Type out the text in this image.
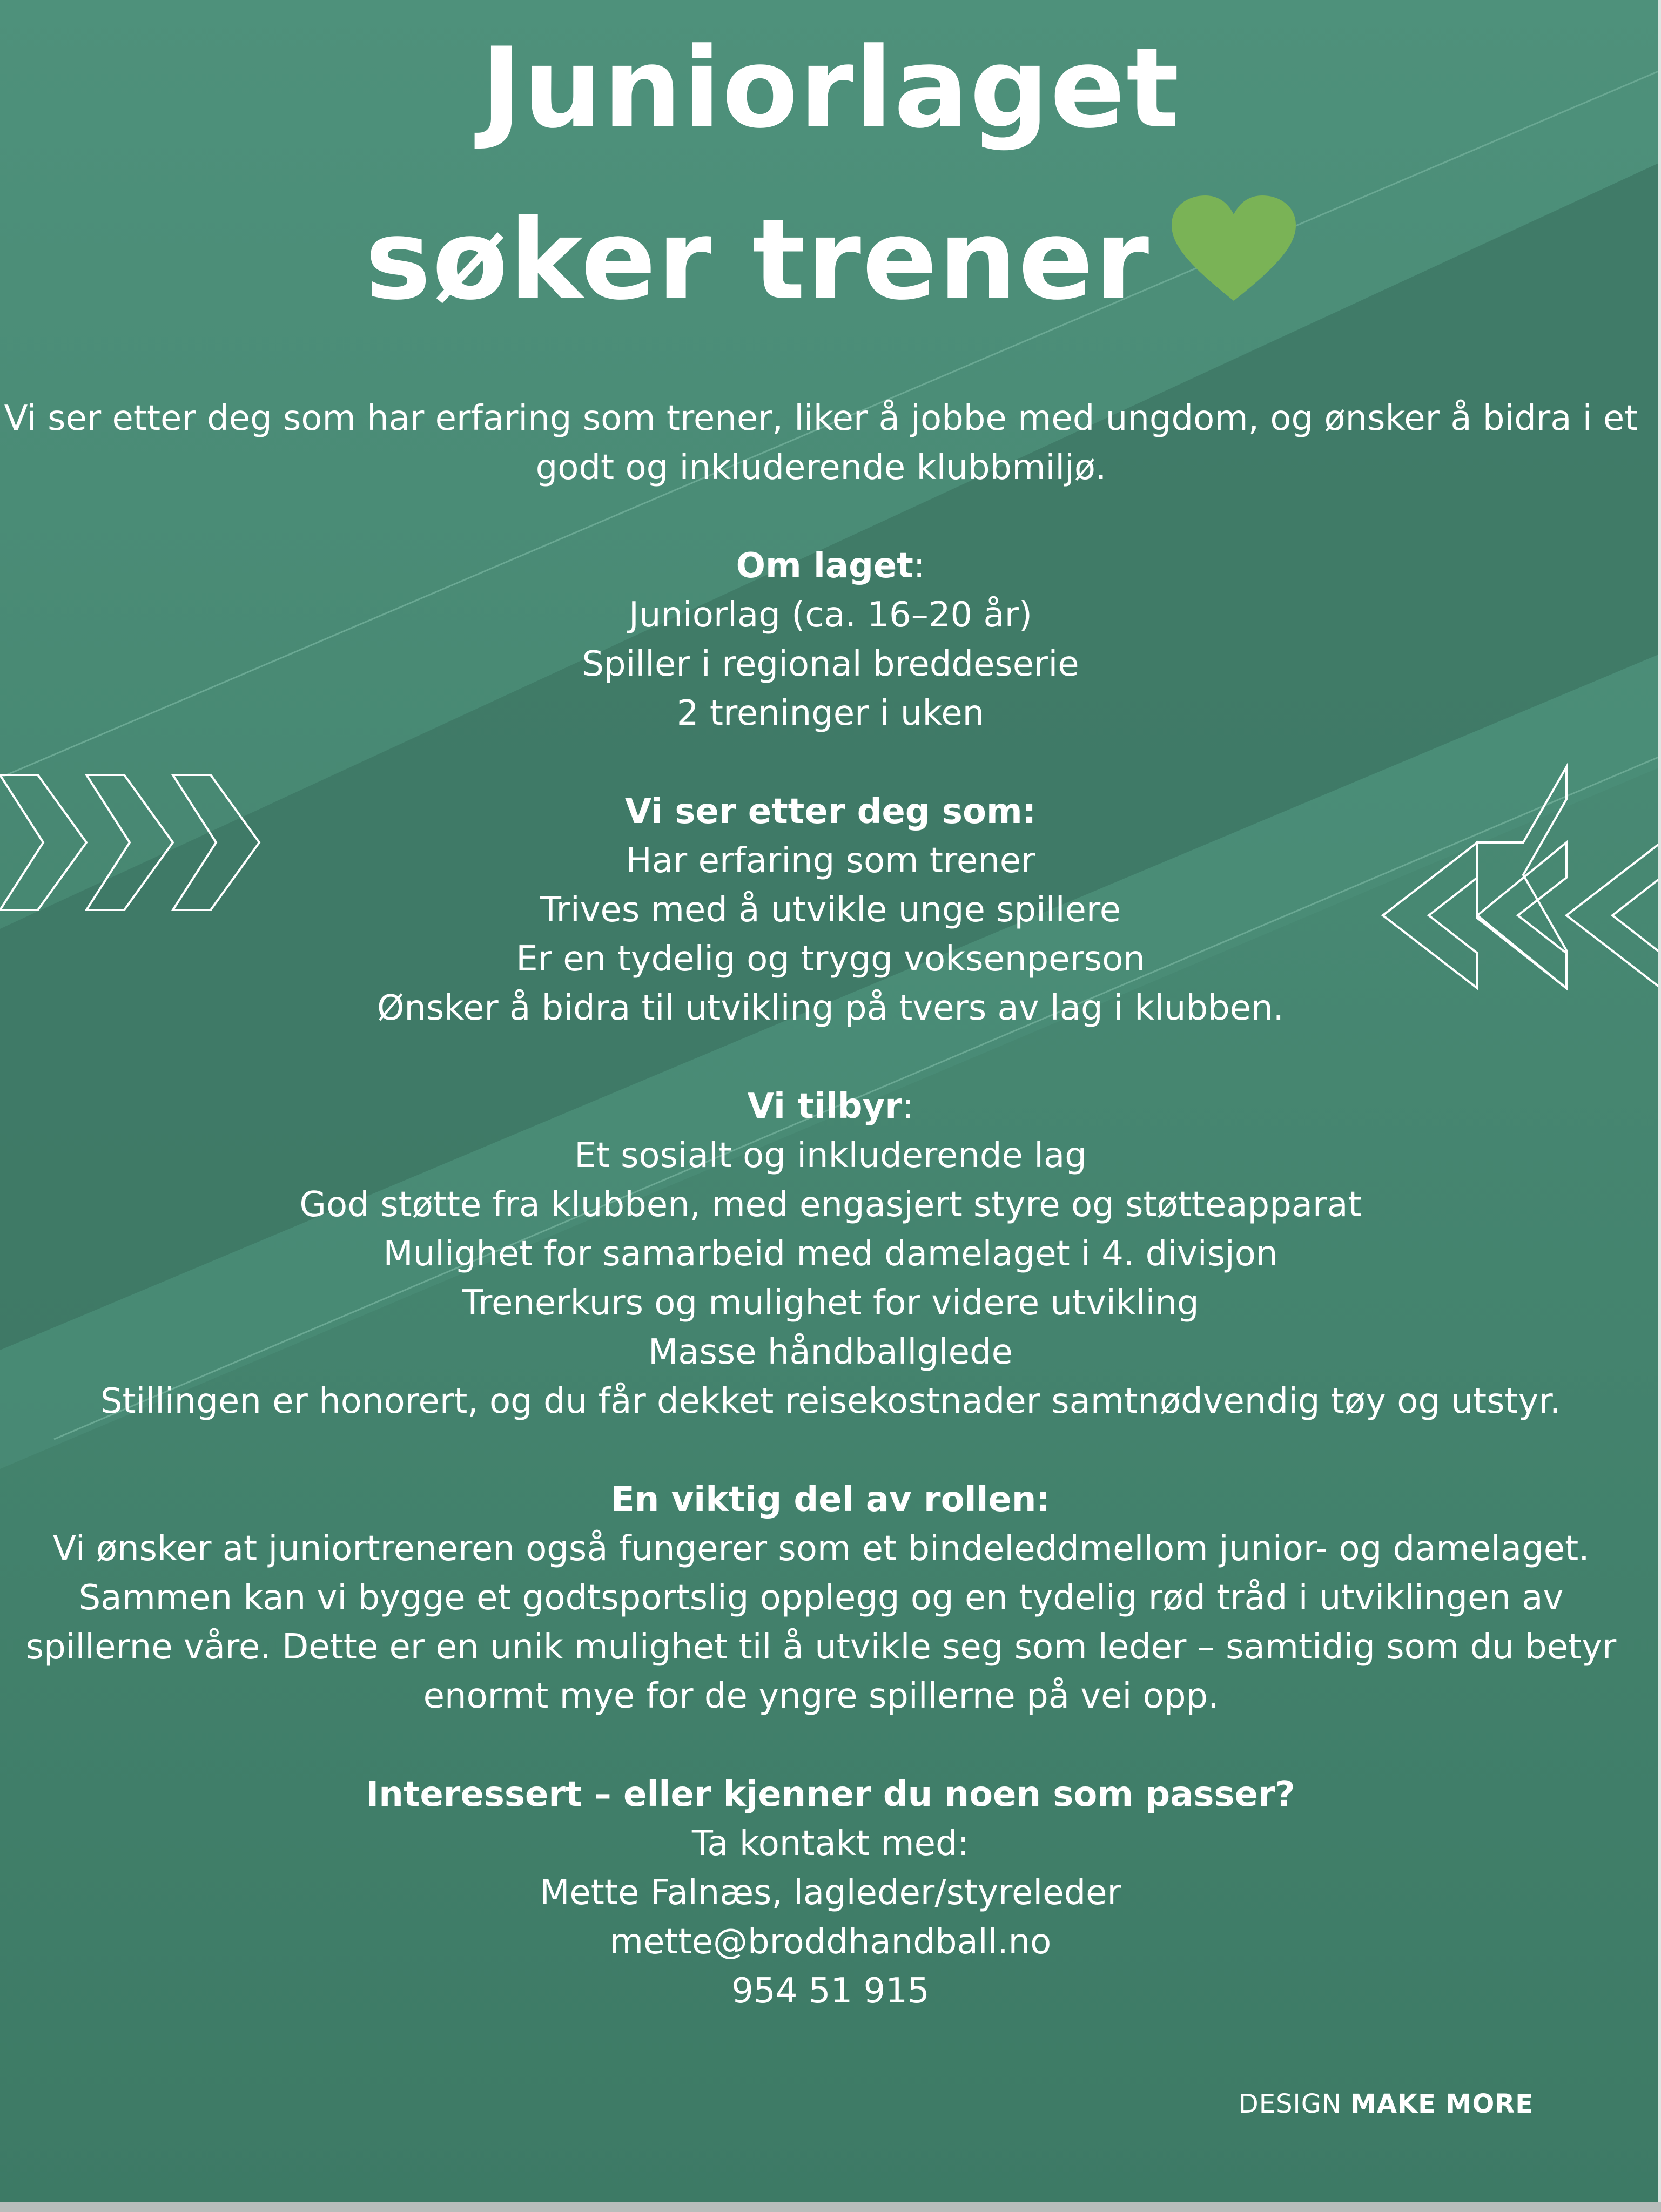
Juniorlaget
søker trener

Vi ser etter deg som har erfaring som trener, liker å jobbe med ungdom, og ønsker å bidra i et godt og inkluderende klubbmiljø.

Om laget:

Juniorlag (ca. 16–20 år)

Spiller i regional breddeserie

2 treninger i uken

Vi ser etter deg som:

Har erfaring som trener

Trives med å utvikle unge spillere

Er en tydelig og trygg voksenperson

Ønsker å bidra til utvikling på tvers av lag i klubben.

Vi tilbyr:

Et sosialt og inkluderende lag

God støtte fra klubben, med engasjert styre og støtteapparat

Mulighet for samarbeid med damelaget i 4. divisjon

Trenerkurs og mulighet for videre utvikling

Masse håndballglede

Stillingen er honorert, og du får dekket reisekostnader samtnødvendig tøy og utstyr.

En viktig del av rollen:

Vi ønsker at juniortreneren også fungerer som et bindeleddmellom junior- og damelaget. Sammen kan vi bygge et godtsportslig opplegg og en tydelig rød tråd i utviklingen av spillerne våre. Dette er en unik mulighet til å utvikle seg som leder – samtidig som du betyr enormt mye for de yngre spillerne på vei opp.

Interessert – eller kjenner du noen som passer?

Ta kontakt med:

Mette Falnæs, lagleder/styreleder

mette@broddhandball.no

954 51 915

DESIGN MAKE MORE
